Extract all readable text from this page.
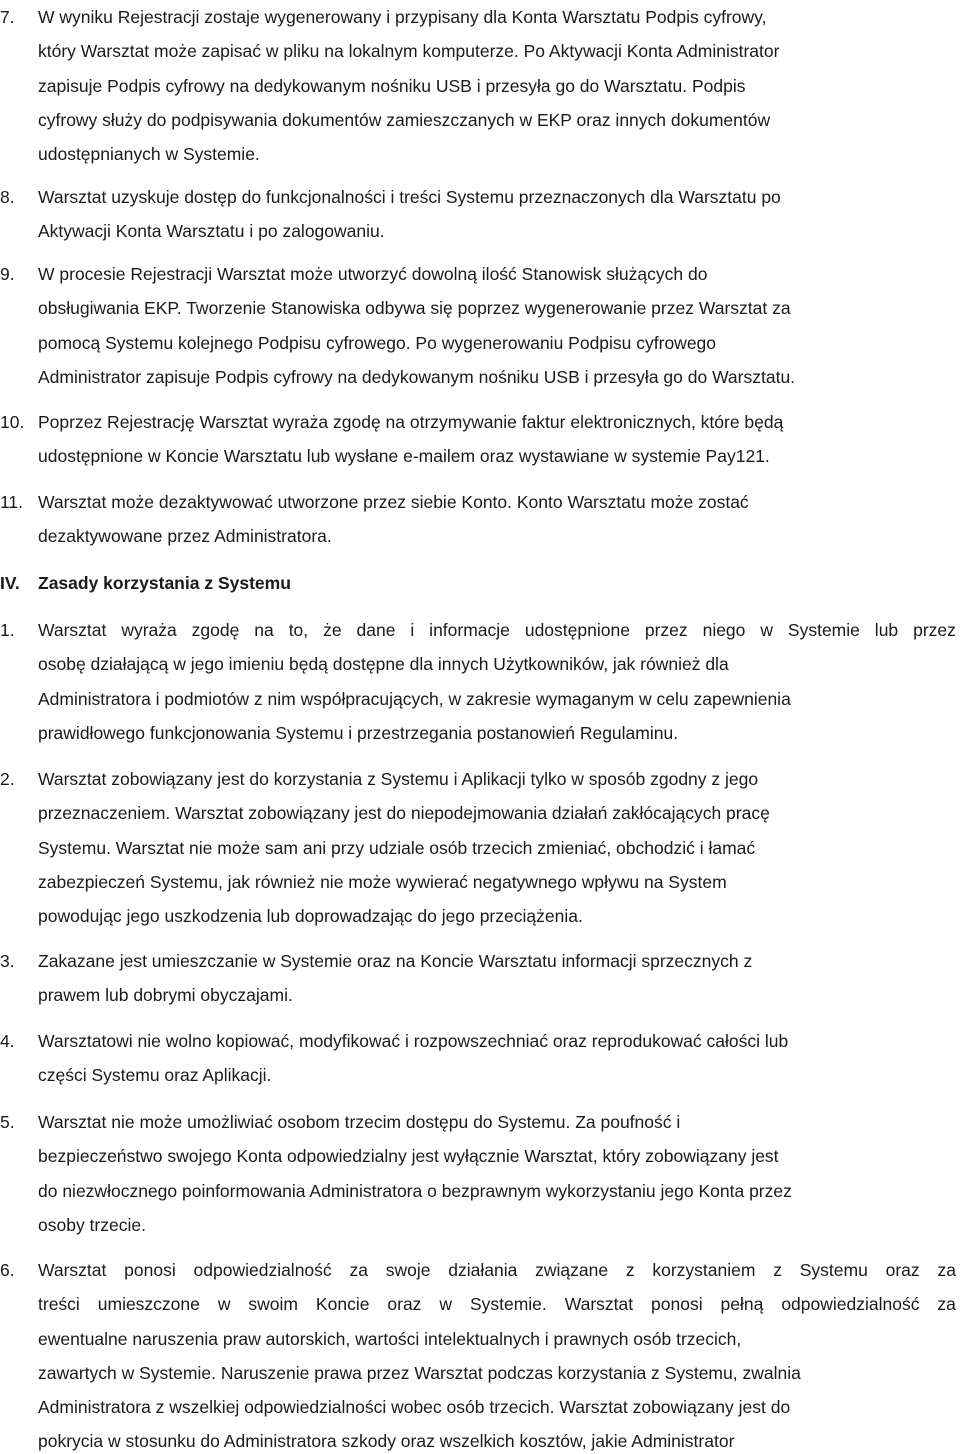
7. W wyniku Rejestracji zostaje wygenerowany i przypisany dla Konta Warsztatu Podpis cyfrowy,
który Warsztat może zapisać w pliku na lokalnym komputerze. Po Aktywacji Konta Administrator
zapisuje Podpis cyfrowy na dedykowanym nośniku USB i przesyła go do Warsztatu. Podpis
cyfrowy służy do podpisywania dokumentów zamieszczanych w EKP oraz innych dokumentów
udostępnianych w Systemie.
8. Warsztat uzyskuje dostęp do funkcjonalności i treści Systemu przeznaczonych dla Warsztatu po
Aktywacji Konta Warsztatu i po zalogowaniu.
9. W procesie Rejestracji Warsztat może utworzyć dowolną ilość Stanowisk służących do
obsługiwania EKP. Tworzenie Stanowiska odbywa się poprzez wygenerowanie przez Warsztat za
pomocą Systemu kolejnego Podpisu cyfrowego. Po wygenerowaniu Podpisu cyfrowego
Administrator zapisuje Podpis cyfrowy na dedykowanym nośniku USB i przesyła go do Warsztatu.
10. Poprzez Rejestrację Warsztat wyraża zgodę na otrzymywanie faktur elektronicznych, które będą
udostępnione w Koncie Warsztatu lub wysłane e-mailem oraz wystawiane w systemie Pay121.
11. Warsztat może dezaktywować utworzone przez siebie Konto. Konto Warsztatu może zostać
dezaktywowane przez Administratora.
IV. Zasady korzystania z Systemu
1. Warsztat wyraża zgodę na to, że dane i informacje udostępnione przez niego w Systemie lub przez
osobę działającą w jego imieniu będą dostępne dla innych Użytkowników, jak również dla
Administratora i podmiotów z nim współpracujących, w zakresie wymaganym w celu zapewnienia
prawidłowego funkcjonowania Systemu i przestrzegania postanowień Regulaminu.
2. Warsztat zobowiązany jest do korzystania z Systemu i Aplikacji tylko w sposób zgodny z jego
przeznaczeniem. Warsztat zobowiązany jest do niepodejmowania działań zakłócających pracę
Systemu. Warsztat nie może sam ani przy udziale osób trzecich zmieniać, obchodzić i łamać
zabezpieczeń Systemu, jak również nie może wywierać negatywnego wpływu na System
powodując jego uszkodzenia lub doprowadzając do jego przeciążenia.
3. Zakazane jest umieszczanie w Systemie oraz na Koncie Warsztatu informacji sprzecznych z
prawem lub dobrymi obyczajami.
4. Warsztatowi nie wolno kopiować, modyfikować i rozpowszechniać oraz reprodukować całości lub
części Systemu oraz Aplikacji.
5. Warsztat nie może umożliwiać osobom trzecim dostępu do Systemu. Za poufność i
bezpieczeństwo swojego Konta odpowiedzialny jest wyłącznie Warsztat, który zobowiązany jest
do niezwłocznego poinformowania Administratora o bezprawnym wykorzystaniu jego Konta przez
osoby trzecie.
6. Warsztat ponosi odpowiedzialność za swoje działania związane z korzystaniem z Systemu oraz za
treści umieszczone w swoim Koncie oraz w Systemie. Warsztat ponosi pełną odpowiedzialność za
ewentualne naruszenia praw autorskich, wartości intelektualnych i prawnych osób trzecich,
zawartych w Systemie. Naruszenie prawa przez Warsztat podczas korzystania z Systemu, zwalnia
Administratora z wszelkiej odpowiedzialności wobec osób trzecich. Warsztat zobowiązany jest do
pokrycia w stosunku do Administratora szkody oraz wszelkich kosztów, jakie Administrator
